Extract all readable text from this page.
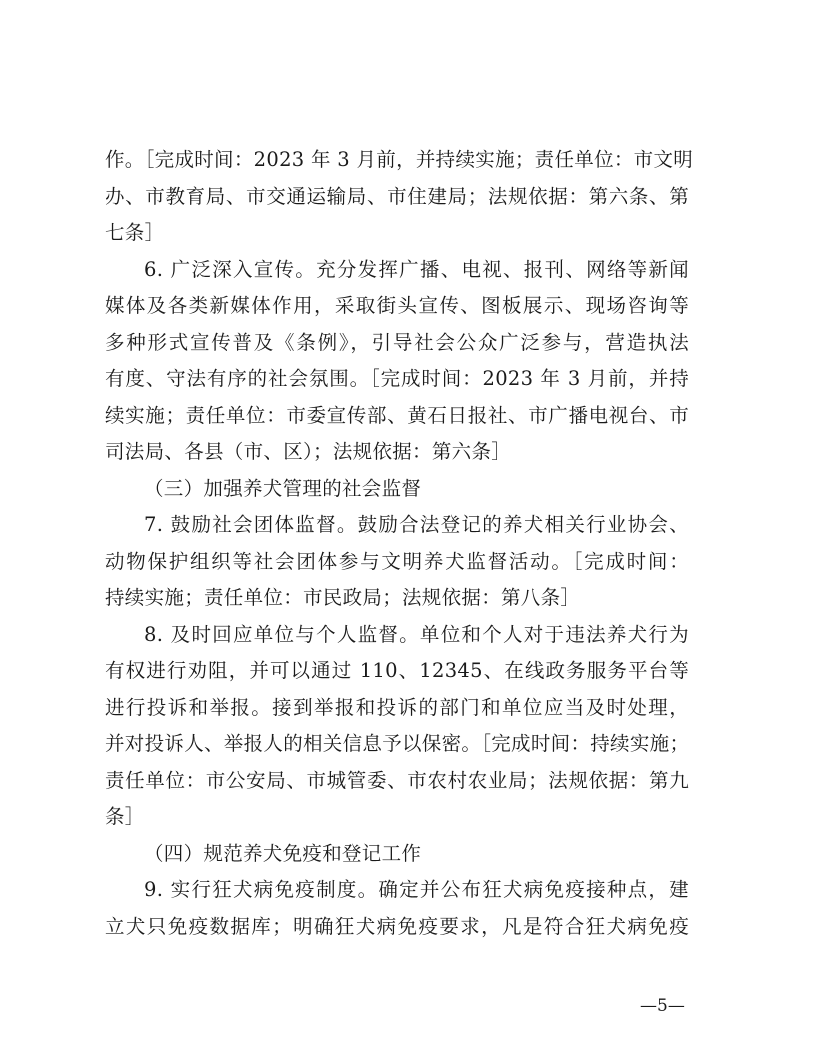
作。［完成时间：2023 年 3 月前，并持续实施；责任单位：市文明
办、市教育局、市交通运输局、市住建局；法规依据：第六条、第
七条］
6. 广泛深入宣传。充分发挥广播、电视、报刊、网络等新闻
媒体及各类新媒体作用，采取街头宣传、图板展示、现场咨询等
多种形式宣传普及《条例》，引导社会公众广泛参与，营造执法
有度、守法有序的社会氛围。［完成时间：2023 年 3 月前，并持
续实施；责任单位：市委宣传部、黄石日报社、市广播电视台、市
司法局、各县（市、区）；法规依据：第六条］
（三）加强养犬管理的社会监督
7. 鼓励社会团体监督。鼓励合法登记的养犬相关行业协会、
动物保护组织等社会团体参与文明养犬监督活动。［完成时间：
持续实施；责任单位：市民政局；法规依据：第八条］
8. 及时回应单位与个人监督。单位和个人对于违法养犬行为
有权进行劝阻，并可以通过 110、12345、在线政务服务平台等
进行投诉和举报。接到举报和投诉的部门和单位应当及时处理，
并对投诉人、举报人的相关信息予以保密。［完成时间：持续实施；
责任单位：市公安局、市城管委、市农村农业局；法规依据：第九
条］
（四）规范养犬免疫和登记工作
9. 实行狂犬病免疫制度。确定并公布狂犬病免疫接种点，建
立犬只免疫数据库；明确狂犬病免疫要求，凡是符合狂犬病免疫
—5—
